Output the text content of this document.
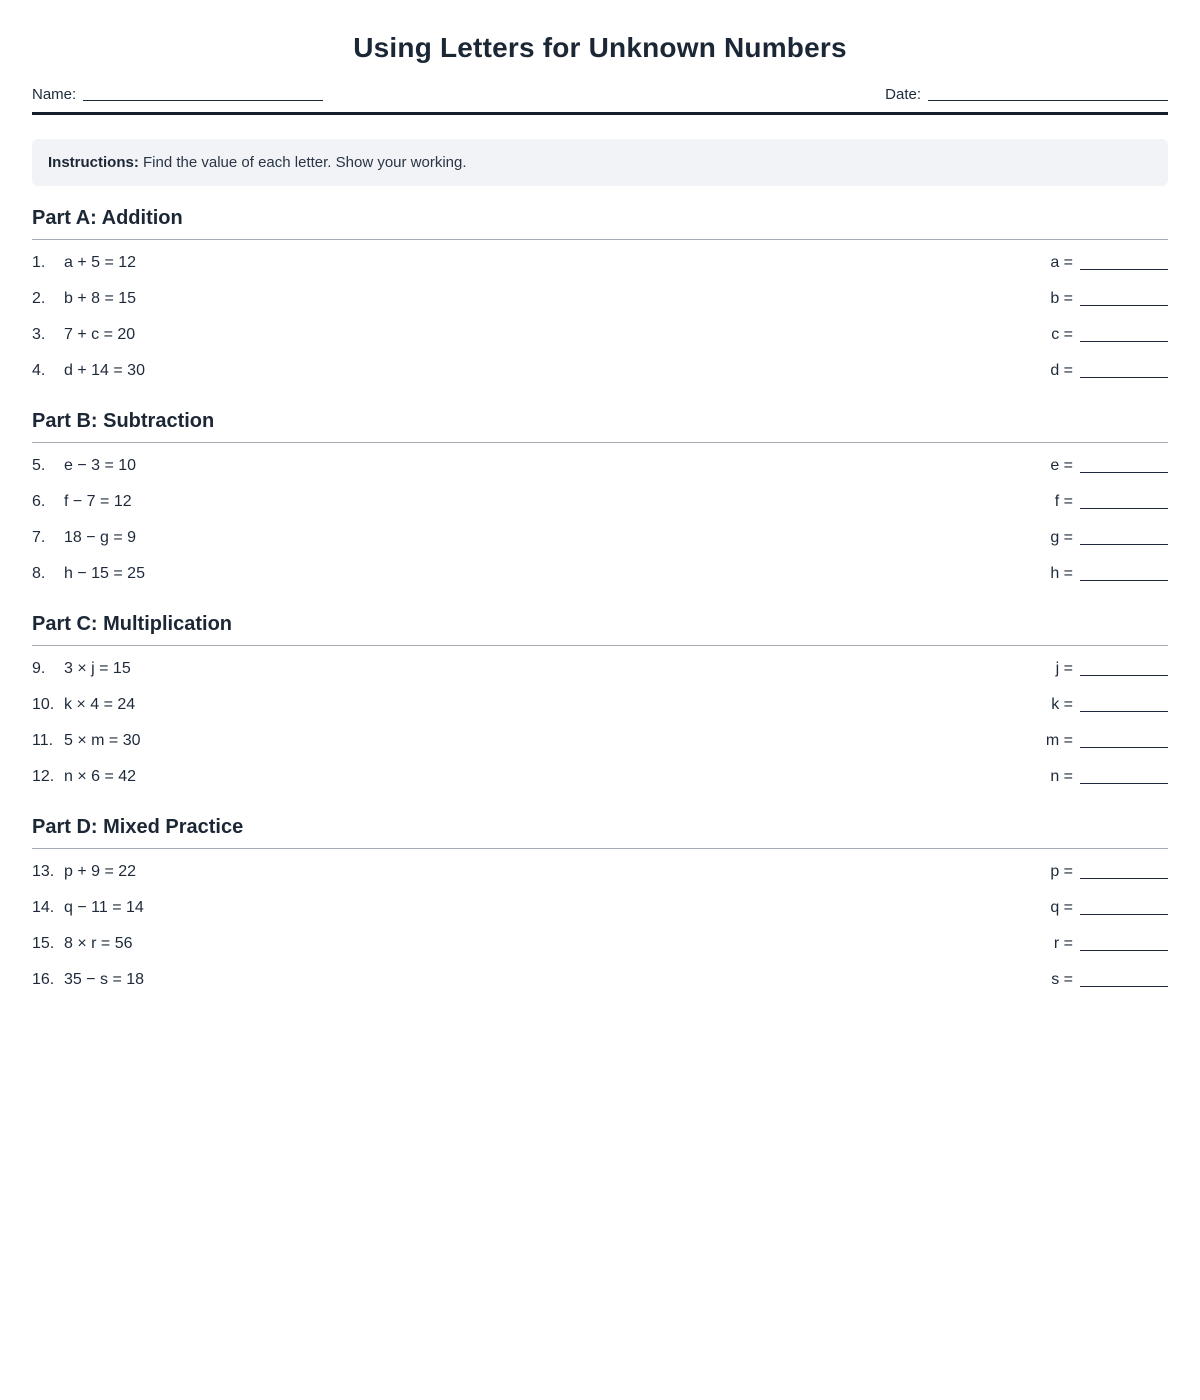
Using Letters for Unknown Numbers
Name:	Date:
Instructions: Find the value of each letter. Show your working.
Part A: Addition
1.	a + 5 = 12	a =
2.	b + 8 = 15	b =
3.	7 + c = 20	c =
4.	d + 14 = 30	d =
Part B: Subtraction
5.	e − 3 = 10	e =
6.	f − 7 = 12	f =
7.	18 − g = 9	g =
8.	h − 15 = 25	h =
Part C: Multiplication
9.	3 × j = 15	j =
10. k × 4 = 24	k =
11. 5 × m = 30	m =
12. n × 6 = 42	n =
Part D: Mixed Practice
13. p + 9 = 22	p =
14. q − 11 = 14	q =
15. 8 × r = 56	r =
16. 35 − s = 18	s =
